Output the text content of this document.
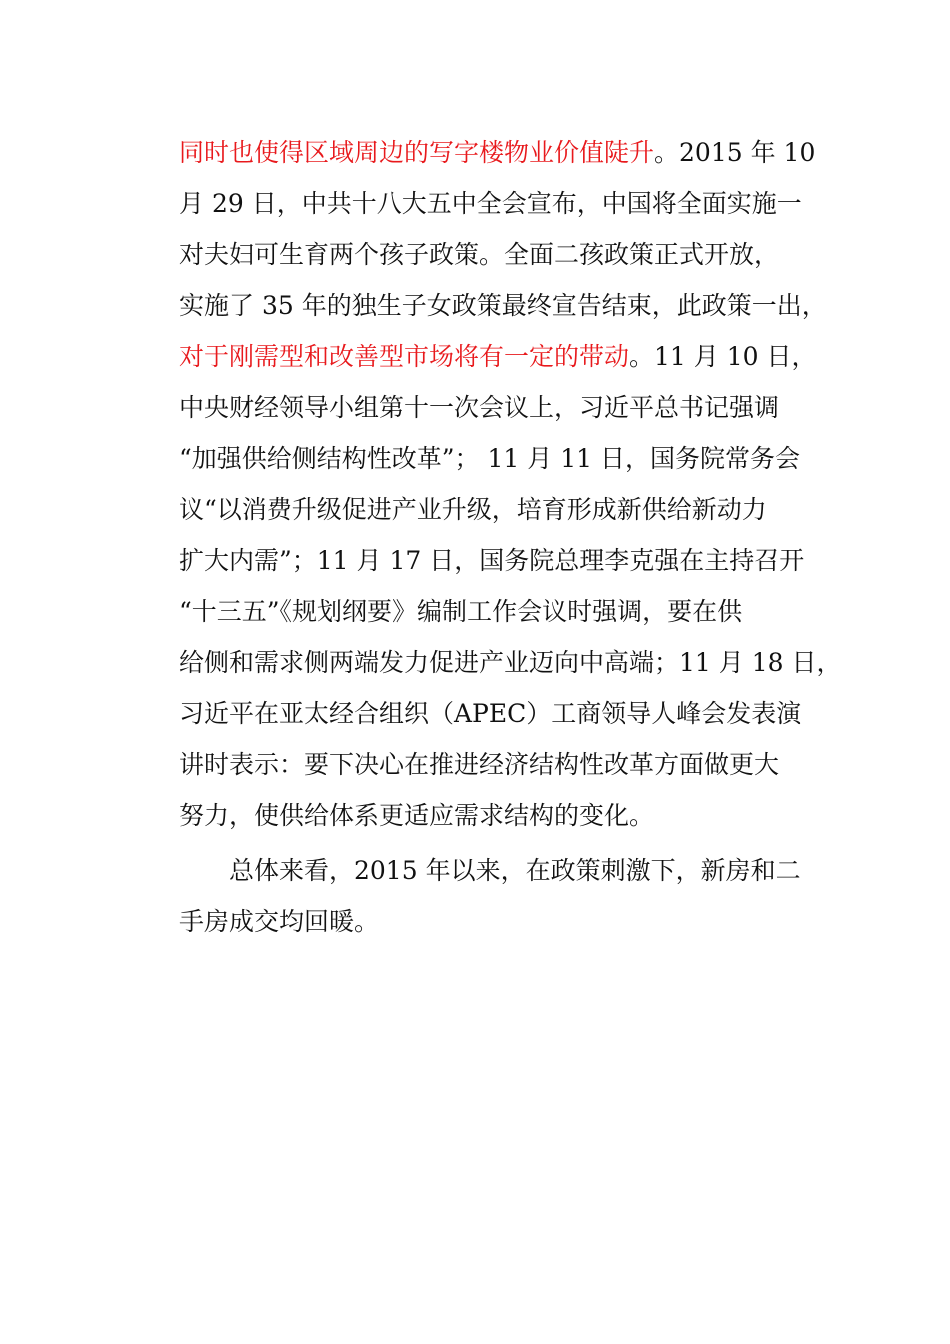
同时也使得区域周边的写字楼物业价值陡升。2015 年 10

月 29 日，中共十八大五中全会宣布，中国将全面实施一

对夫妇可生育两个孩子政策。全面二孩政策正式开放，

实施了 35 年的独生子女政策最终宣告结束，此政策一出，

对于刚需型和改善型市场将有一定的带动。11 月 10 日，

中央财经领导小组第十一次会议上，习近平总书记强调

“加强供给侧结构性改革”； 11 月 11 日，国务院常务会

议“以消费升级促进产业升级，培育形成新供给新动力

扩大内需”；11 月 17 日，国务院总理李克强在主持召开

“十三五”《规划纲要》编制工作会议时强调，要在供

给侧和需求侧两端发力促进产业迈向中高端；11 月 18 日，

习近平在亚太经合组织（APEC）工商领导人峰会发表演

讲时表示：要下决心在推进经济结构性改革方面做更大

努力，使供给体系更适应需求结构的变化。

总体来看，2015 年以来，在政策刺激下，新房和二

手房成交均回暖。
